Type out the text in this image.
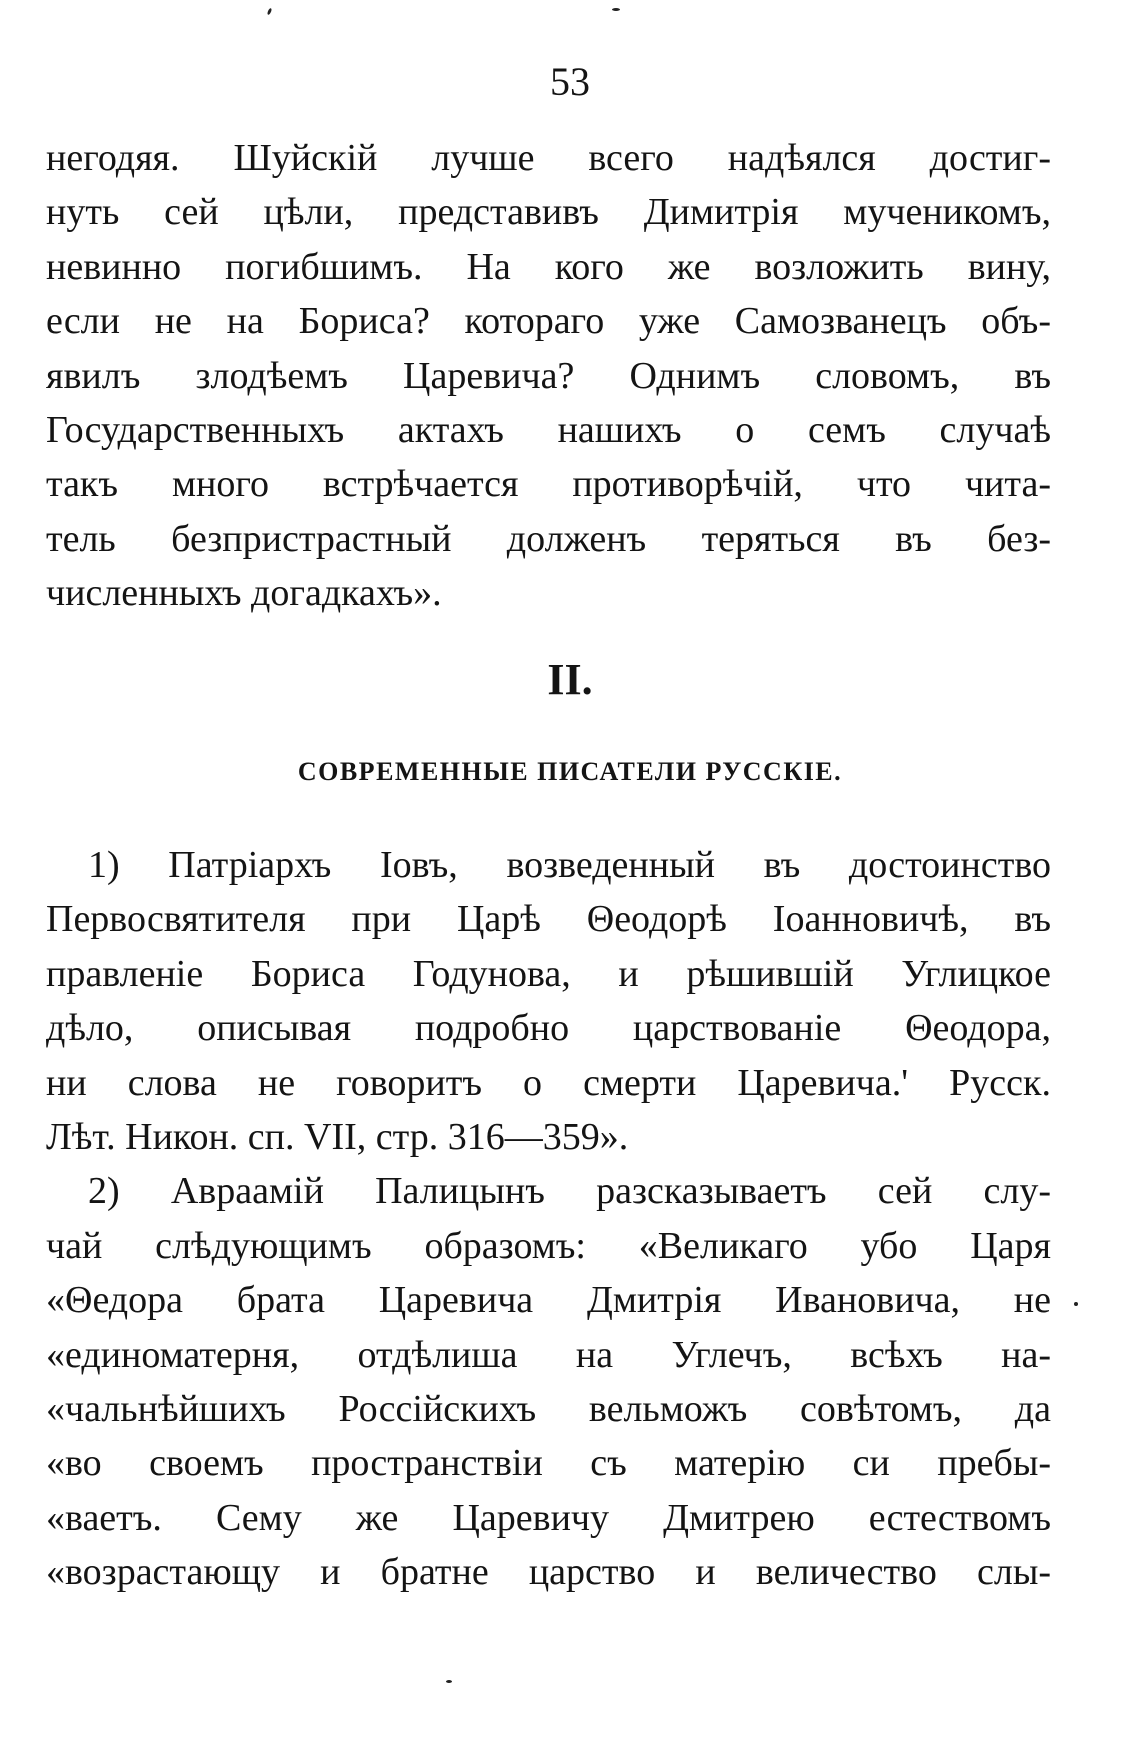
53
негодяя. Шуйскій лучше всего надѣялся достиг-
нуть сей цѣли, представивъ Димитрія мученикомъ,
невинно погибшимъ. На кого же возложить вину,
если не на Бориса? котораго уже Самозванецъ объ-
явилъ злодѣемъ Царевича? Однимъ словомъ, въ
Государственныхъ актахъ нашихъ о семъ случаѣ
такъ много встрѣчается противорѣчій, что чита-
тель безпристрастный долженъ теряться въ без-
численныхъ догадкахъ».
II.
СОВРЕМЕННЫЕ ПИСАТЕЛИ РУССКІЕ.
1) Патріархъ Іовъ, возведенный въ достоинство
Первосвятителя при Царѣ Θеодорѣ Іоанновичѣ, въ
правленіе Бориса Годунова, и рѣшившій Углицкое
дѣло, описывая подробно царствованіе Θеодора,
ни слова не говоритъ о смерти Царевича.' Русск.
Лѣт. Никон. сп. VII, стр. 316—359».
2) Авраамій Палицынъ разсказываетъ сей слу-
чай слѣдующимъ образомъ: «Великаго убо Царя
«Θедора брата Царевича Дмитрія Ивановича, не
«единоматерня, отдѣлиша на Углечъ, всѣхъ на-
«чальнѣйшихъ Россійскихъ вельможъ совѣтомъ, да
«во своемъ пространствіи съ матерію си пребы-
«ваетъ. Сему же Царевичу Дмитрею естествомъ
«возрастающу и братне царство и величество слы-
